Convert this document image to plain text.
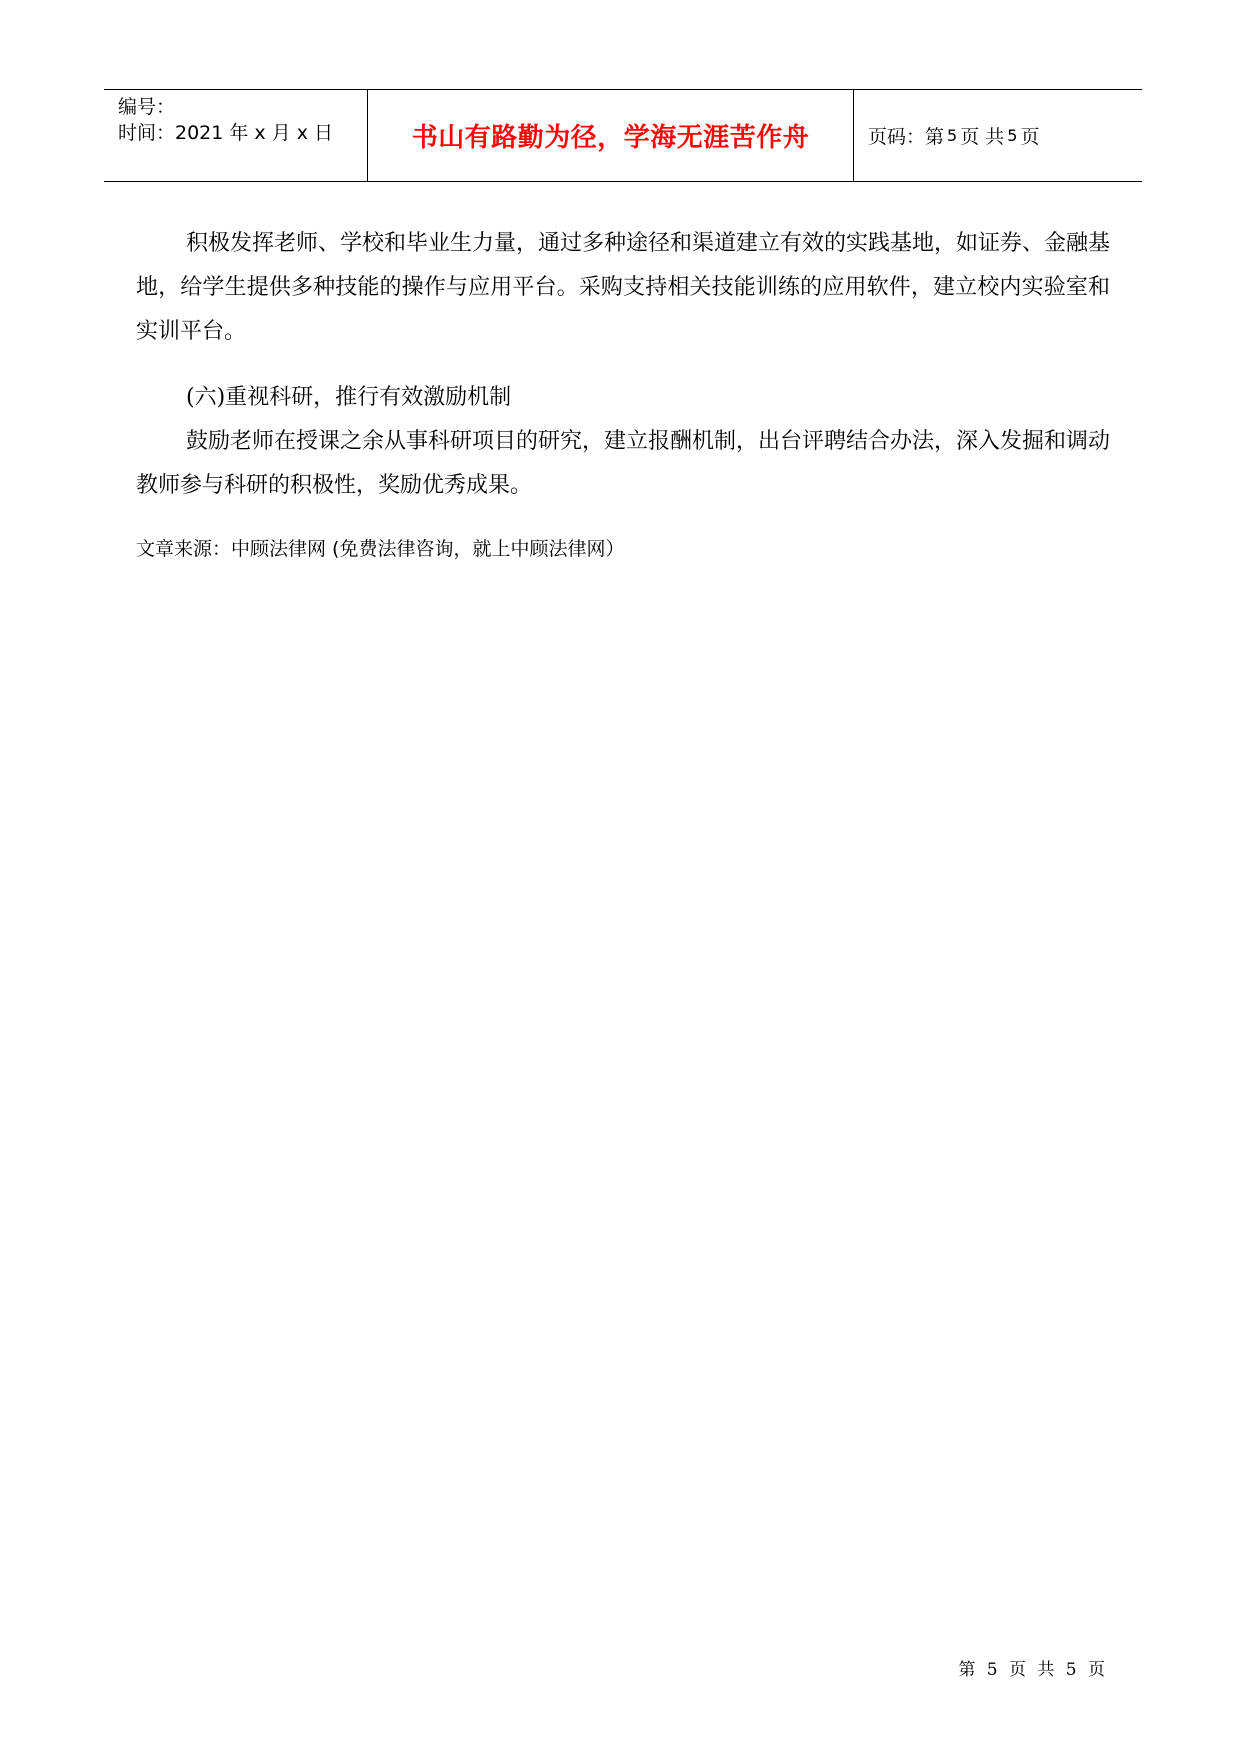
编号：
时间：2021 年 x 月 x 日	书山有路勤为径，学海无涯苦作舟	页码：第 5 页 共 5 页

积极发挥老师、学校和毕业生力量，通过多种途径和渠道建立有效的实践基地，如证券、金融基地，给学生提供多种技能的操作与应用平台。采购支持相关技能训练的应用软件，建立校内实验室和实训平台。

(六)重视科研，推行有效激励机制

鼓励老师在授课之余从事科研项目的研究，建立报酬机制，出台评聘结合办法，深入发掘和调动教师参与科研的积极性，奖励优秀成果。

文章来源：中顾法律网 (免费法律咨询，就上中顾法律网）

第 5 页 共 5 页
